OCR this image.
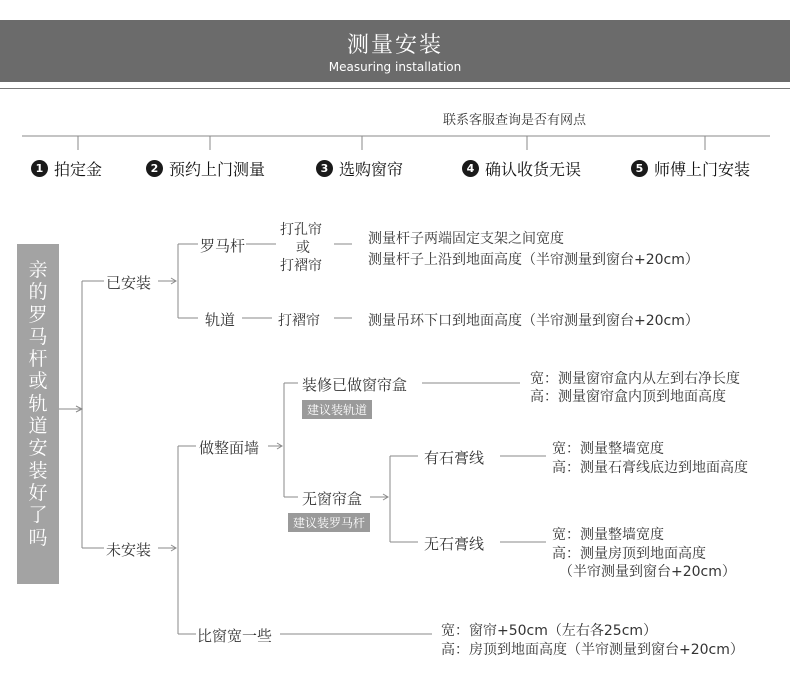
测量安装
Measuring installation
联系客服查询是否有网点
1 拍定金	2 预约上门测量	3 选购窗帘	4 确认收货无误	5 师傅上门安装
亲
的
罗
马
杆
或
轨
道
安
装
好
了
吗
已安装
罗马杆
打孔帘
或
打褶帘
测量杆子两端固定支架之间宽度
测量杆子上沿到地面高度（半帘测量到窗台+20cm）
轨道	打褶帘	测量吊环下口到地面高度（半帘测量到窗台+20cm）
未安装
做整面墙
装修已做窗帘盒
建议装轨道
宽：测量窗帘盒内从左到右净长度
高：测量窗帘盒内顶到地面高度
无窗帘盒
建议装罗马杆
有石膏线	宽：测量整墙宽度
高：测量石膏线底边到地面高度
无石膏线	宽：测量整墙宽度
高：测量房顶到地面高度
（半帘测量到窗台+20cm）
比窗宽一些	宽：窗帘+50cm（左右各25cm）
高：房顶到地面高度（半帘测量到窗台+20cm）
